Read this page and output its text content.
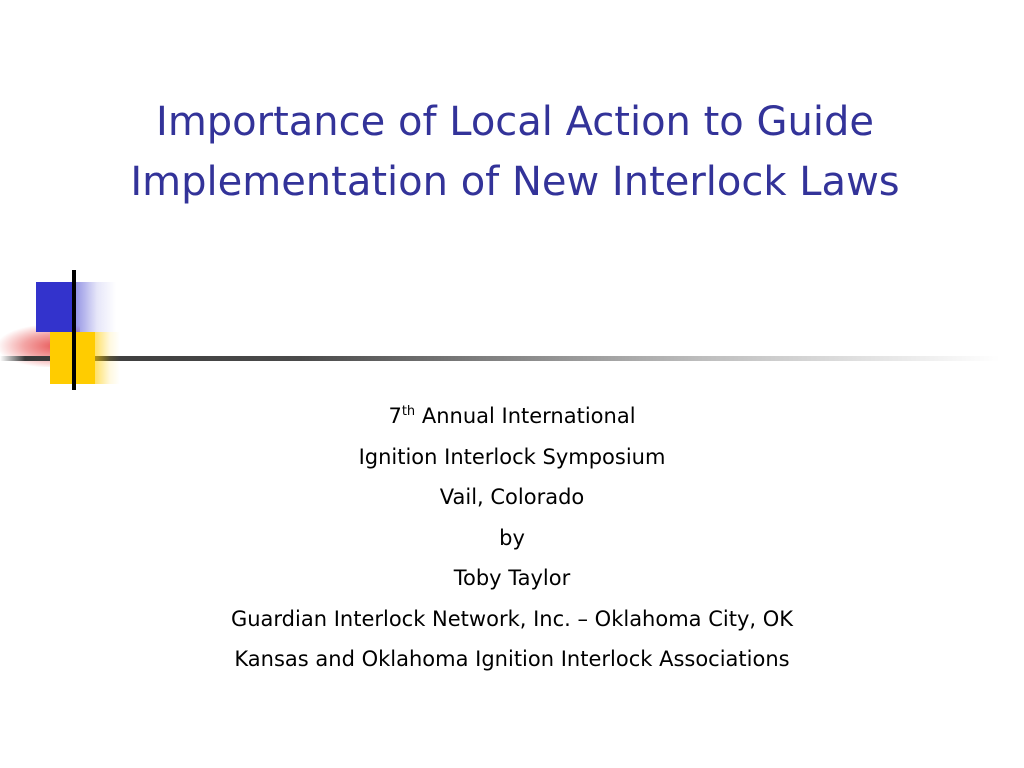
Importance of Local Action to Guide Implementation of New Interlock Laws
7th Annual International
Ignition Interlock Symposium
Vail, Colorado
by
Toby Taylor
Guardian Interlock Network, Inc. – Oklahoma City, OK
Kansas and Oklahoma Ignition Interlock Associations
